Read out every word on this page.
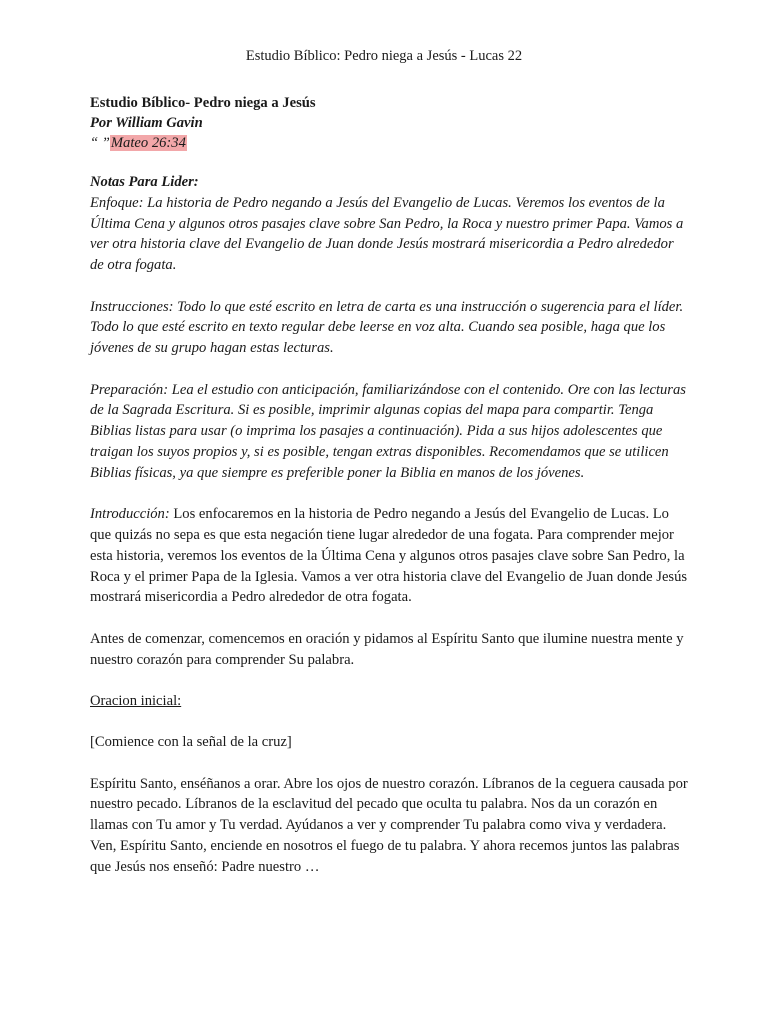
Estudio Bíblico: Pedro niega a Jesús - Lucas 22
Estudio Bíblico- Pedro niega a Jesús
Por William Gavin
“ ”Mateo 26:34
Notas Para Lider:
Enfoque: La historia de Pedro negando a Jesús del Evangelio de Lucas. Veremos los eventos de la Última Cena y algunos otros pasajes clave sobre San Pedro, la Roca y nuestro primer Papa. Vamos a ver otra historia clave del Evangelio de Juan donde Jesús mostrará misericordia a Pedro alrededor de otra fogata.

Instrucciones: Todo lo que esté escrito en letra de carta es una instrucción o sugerencia para el líder. Todo lo que esté escrito en texto regular debe leerse en voz alta. Cuando sea posible, haga que los jóvenes de su grupo hagan estas lecturas.

Preparación: Lea el estudio con anticipación, familiarizándose con el contenido. Ore con las lecturas de la Sagrada Escritura. Si es posible, imprimir algunas copias del mapa para compartir. Tenga Biblias listas para usar (o imprima los pasajes a continuación). Pida a sus hijos adolescentes que traigan los suyos propios y, si es posible, tengan extras disponibles. Recomendamos que se utilicen Biblias físicas, ya que siempre es preferible poner la Biblia en manos de los jóvenes.

Introducción: Los enfocaremos en la historia de Pedro negando a Jesús del Evangelio de Lucas. Lo que quizás no sepa es que esta negación tiene lugar alrededor de una fogata. Para comprender mejor esta historia, veremos los eventos de la Última Cena y algunos otros pasajes clave sobre San Pedro, la Roca y el primer Papa de la Iglesia. Vamos a ver otra historia clave del Evangelio de Juan donde Jesús mostrará misericordia a Pedro alrededor de otra fogata.

Antes de comenzar, comencemos en oración y pidamos al Espíritu Santo que ilumine nuestra mente y nuestro corazón para comprender Su palabra.

Oracion inicial:

[Comience con la señal de la cruz]

Espíritu Santo, enséñanos a orar. Abre los ojos de nuestro corazón. Líbranos de la ceguera causada por nuestro pecado. Líbranos de la esclavitud del pecado que oculta tu palabra. Nos da un corazón en llamas con Tu amor y Tu verdad. Ayúdanos a ver y comprender Tu palabra como viva y verdadera. Ven, Espíritu Santo, enciende en nosotros el fuego de tu palabra. Y ahora recemos juntos las palabras que Jesús nos enseñó: Padre nuestro …
